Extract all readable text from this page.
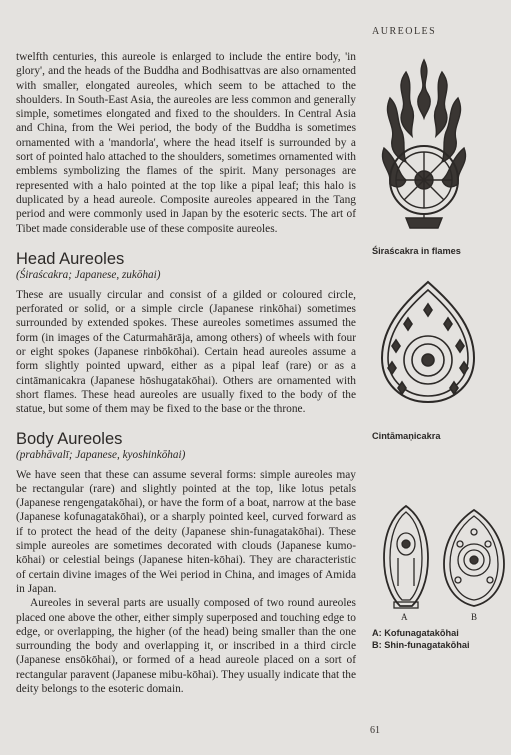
AUREOLES

twelfth centuries, this aureole is enlarged to include the entire body, 'in glory', and the heads of the Buddha and Bodhisattvas are also ornamented with smaller, elongated aureoles, which seem to be attached to the shoulders. In South-East Asia, the aureoles are less common and generally simple, sometimes elongated and fixed to the shoulders. In Central Asia and China, from the Wei period, the body of the Buddha is sometimes ornamented with a 'mandorla', where the head itself is surrounded by a sort of pointed halo attached to the shoulders, sometimes ornamented with emblems symbolizing the flames of the spirit. Many personages are represented with a halo pointed at the top like a pipal leaf; this halo is duplicated by a head aureole. Composite aureoles appeared in the Tang period and were commonly used in Japan by the esoteric sects. The art of Tibet made considerable use of these composite aureoles.

Head Aureoles
(Śiraścakra; Japanese, zukōhai)

These are usually circular and consist of a gilded or coloured circle, perforated or solid, or a simple circle (Japanese rinkōhai) sometimes surrounded by extended spokes. These aureoles sometimes assumed the form (in images of the Caturmahārāja, among others) of wheels with four or eight spokes (Japanese rinbōkōhai). Certain head aureoles assume a form slightly pointed upward, either as a pipal leaf (rare) or as a cintāmanicakra (Japanese hōshugatakōhai). Others are ornamented with short flames. These head aureoles are usually fixed to the body of the statue, but some of them may be fixed to the base or the throne.

Body Aureoles
(prabhāvalī; Japanese, kyoshinkōhai)

We have seen that these can assume several forms: simple aureoles may be rectangular (rare) and slightly pointed at the top, like lotus petals (Japanese rengengatakōhai), or have the form of a boat, narrow at the base (Japanese kofunagatakōhai), or a sharply pointed keel, curved forward as if to protect the head of the deity (Japanese shin-funagatakōhai). These simple aureoles are sometimes decorated with clouds (Japanese kumo-kōhai) or celestial beings (Japanese hiten-kōhai). They are characteristic of certain divine images of the Wei period in China, and images of Amida in Japan.

Aureoles in several parts are usually composed of two round aureoles placed one above the other, either simply superposed and touching edge to edge, or overlapping, the higher (of the head) being smaller than the one surrounding the body and overlapping it, or inscribed in a third circle (Japanese ensōkōhai), or formed of a head aureole placed on a sort of rectangular paravent (Japanese mibu-kōhai). They usually indicate that the deity belongs to the esoteric domain.

Śiraścakra in flames
Cintāmaṇicakra
A	B
A: Kofunagatakōhai
B: Shin-funagatakōhai
61
